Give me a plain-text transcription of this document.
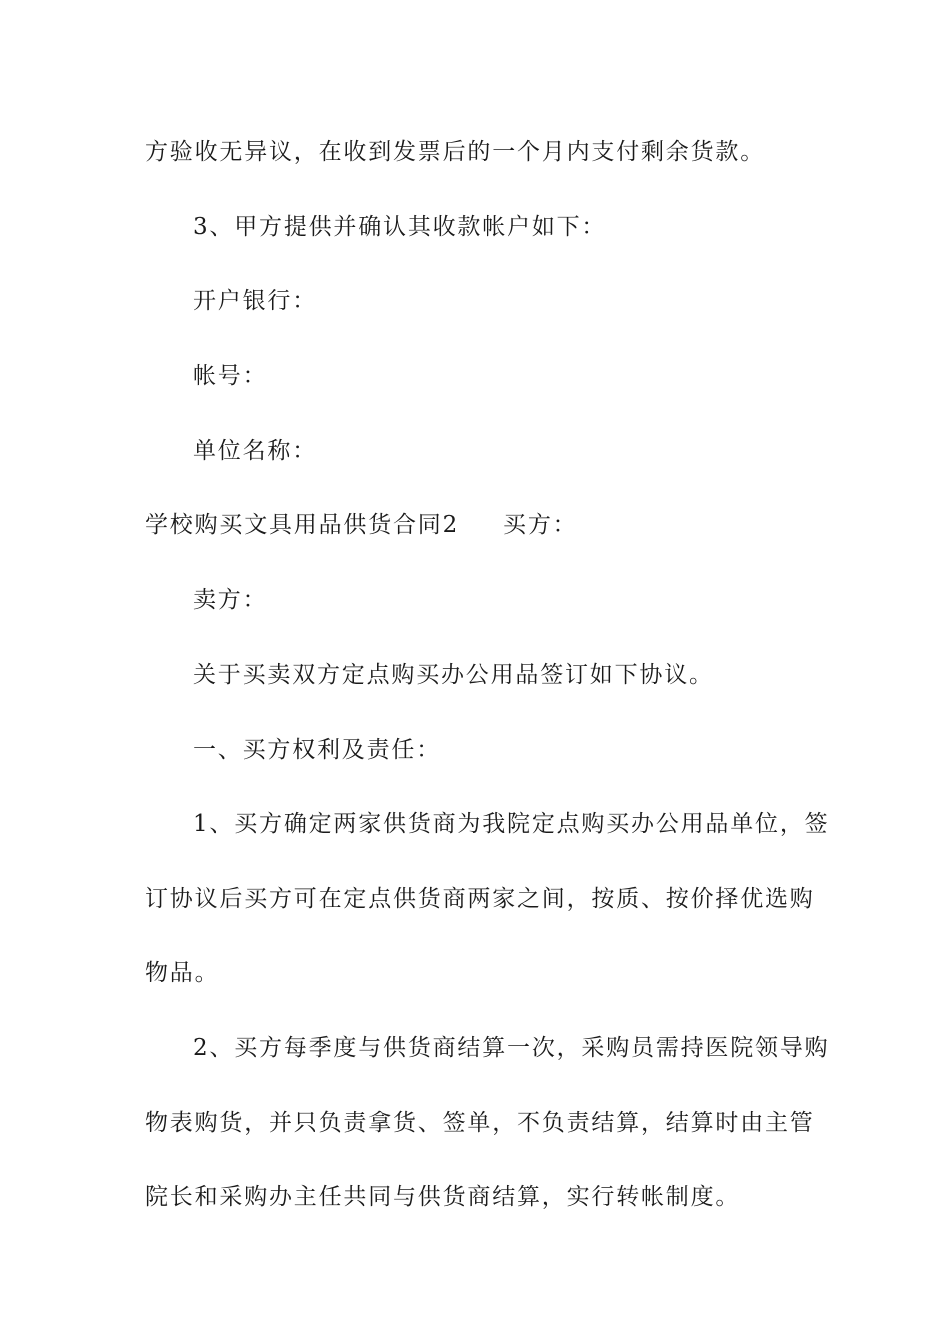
方验收无异议，在收到发票后的一个月内支付剩余货款。
3、甲方提供并确认其收款帐户如下：
开户银行：
帐号：
单位名称：
学校购买文具用品供货合同2 买方：
卖方：
关于买卖双方定点购买办公用品签订如下协议。
一、买方权利及责任：
1、买方确定两家供货商为我院定点购买办公用品单位，签
订协议后买方可在定点供货商两家之间，按质、按价择优选购
物品。
2、买方每季度与供货商结算一次，采购员需持医院领导购
物表购货，并只负责拿货、签单，不负责结算，结算时由主管
院长和采购办主任共同与供货商结算，实行转帐制度。
